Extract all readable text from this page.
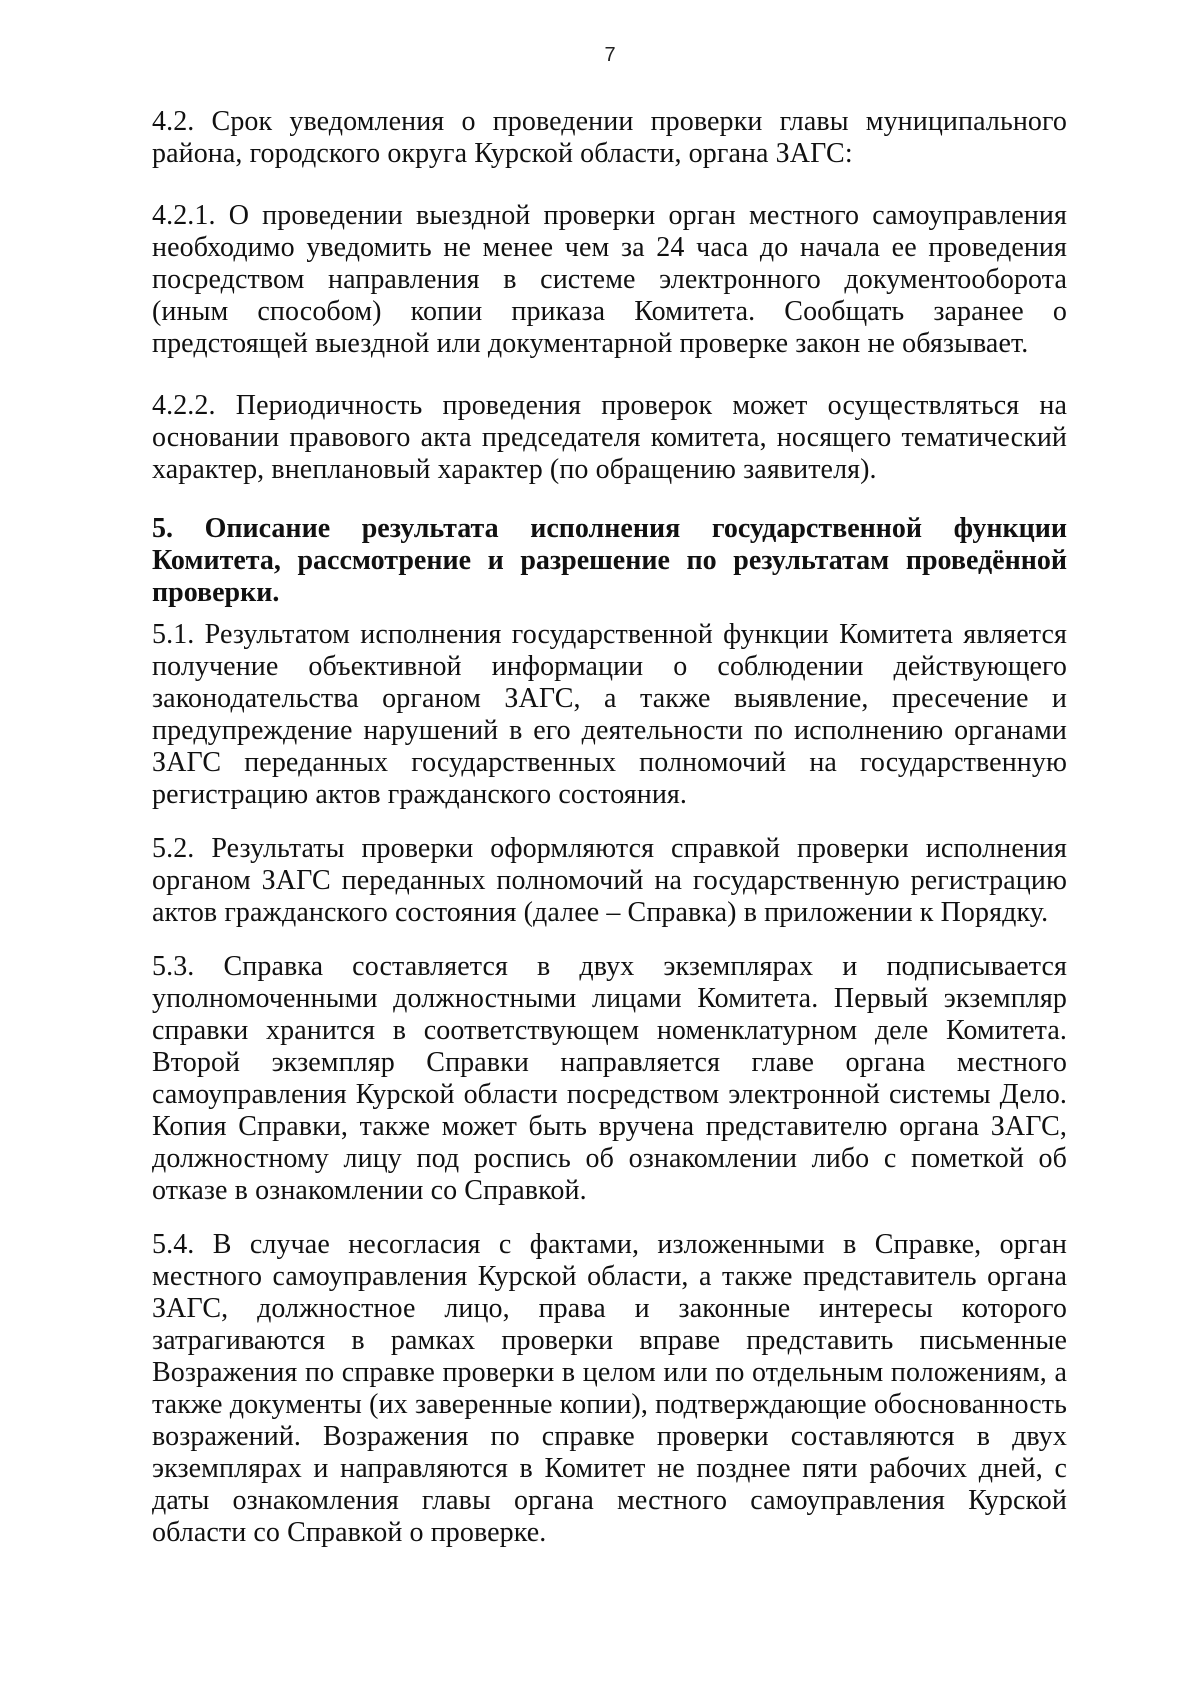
7

4.2. Срок уведомления о проведении проверки главы муниципального района, городского округа Курской области, органа ЗАГС:

4.2.1. О проведении выездной проверки орган местного самоуправления необходимо уведомить не менее чем за 24 часа до начала ее проведения посредством направления в системе электронного документооборота (иным способом) копии приказа Комитета. Сообщать заранее о предстоящей выездной или документарной проверке закон не обязывает.

4.2.2. Периодичность проведения проверок может осуществляться на основании правового акта председателя комитета, носящего тематический характер, внеплановый характер (по обращению заявителя).

5. Описание результата исполнения государственной функции Комитета, рассмотрение и разрешение по результатам проведённой проверки.

5.1. Результатом исполнения государственной функции Комитета является получение объективной информации о соблюдении действующего законодательства органом ЗАГС, а также выявление, пресечение и предупреждение нарушений в его деятельности по исполнению органами ЗАГС переданных государственных полномочий на государственную регистрацию актов гражданского состояния.

5.2. Результаты проверки оформляются справкой проверки исполнения органом ЗАГС переданных полномочий на государственную регистрацию актов гражданского состояния (далее – Справка) в приложении к Порядку.

5.3. Справка составляется в двух экземплярах и подписывается уполномоченными должностными лицами Комитета. Первый экземпляр справки хранится в соответствующем номенклатурном деле Комитета. Второй экземпляр Справки направляется главе органа местного самоуправления Курской области посредством электронной системы Дело. Копия Справки, также может быть вручена представителю органа ЗАГС, должностному лицу под роспись об ознакомлении либо с пометкой об отказе в ознакомлении со Справкой.

5.4. В случае несогласия с фактами, изложенными в Справке, орган местного самоуправления Курской области, а также представитель органа ЗАГС, должностное лицо, права и законные интересы которого затрагиваются в рамках проверки вправе представить письменные Возражения по справке проверки в целом или по отдельным положениям, а также документы (их заверенные копии), подтверждающие обоснованность возражений. Возражения по справке проверки составляются в двух экземплярах и направляются в Комитет не позднее пяти рабочих дней, с даты ознакомления главы органа местного самоуправления Курской области со Справкой о проверке.
